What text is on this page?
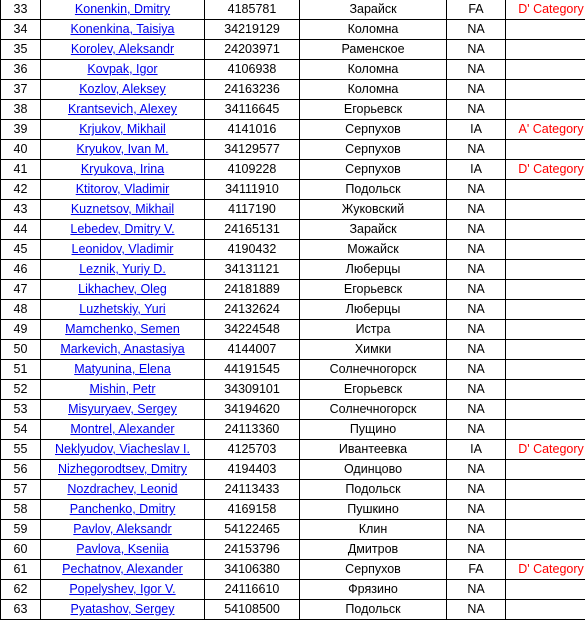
33	Konenkin, Dmitry	4185781	Зарайск	FA	D' Category
34	Konenkina, Taisiya	34219129	Коломна	NA	
35	Korolev, Aleksandr	24203971	Раменское	NA	
36	Kovpak, Igor	4106938	Коломна	NA	
37	Kozlov, Aleksey	24163236	Коломна	NA	
38	Krantsevich, Alexey	34116645	Егорьевск	NA	
39	Krjukov, Mikhail	4141016	Серпухов	IA	A' Category
40	Kryukov, Ivan M.	34129577	Серпухов	NA	
41	Kryukova, Irina	4109228	Серпухов	IA	D' Category
42	Ktitorov, Vladimir	34111910	Подольск	NA	
43	Kuznetsov, Mikhail	4117190	Жуковский	NA	
44	Lebedev, Dmitry V.	24165131	Зарайск	NA	
45	Leonidov, Vladimir	4190432	Можайск	NA	
46	Leznik, Yuriy D.	34131121	Люберцы	NA	
47	Likhachev, Oleg	24181889	Егорьевск	NA	
48	Luzhetskiy, Yuri	24132624	Люберцы	NA	
49	Mamchenko, Semen	34224548	Истра	NA	
50	Markevich, Anastasiya	4144007	Химки	NA	
51	Matyunina, Elena	44191545	Солнечногорск	NA	
52	Mishin, Petr	34309101	Егорьевск	NA	
53	Misyuryaev, Sergey	34194620	Солнечногорск	NA	
54	Montrel, Alexander	24113360	Пущино	NA	
55	Neklyudov, Viacheslav I.	4125703	Ивантеевка	IA	D' Category
56	Nizhegorodtsev, Dmitry	4194403	Одинцово	NA	
57	Nozdrachev, Leonid	24113433	Подольск	NA	
58	Panchenko, Dmitry	4169158	Пушкино	NA	
59	Pavlov, Aleksandr	54122465	Клин	NA	
60	Pavlova, Kseniia	24153796	Дмитров	NA	
61	Pechatnov, Alexander	34106380	Серпухов	FA	D' Category
62	Popelyshev, Igor V.	24116610	Фрязино	NA	
63	Pyatashov, Sergey	54108500	Подольск	NA	
